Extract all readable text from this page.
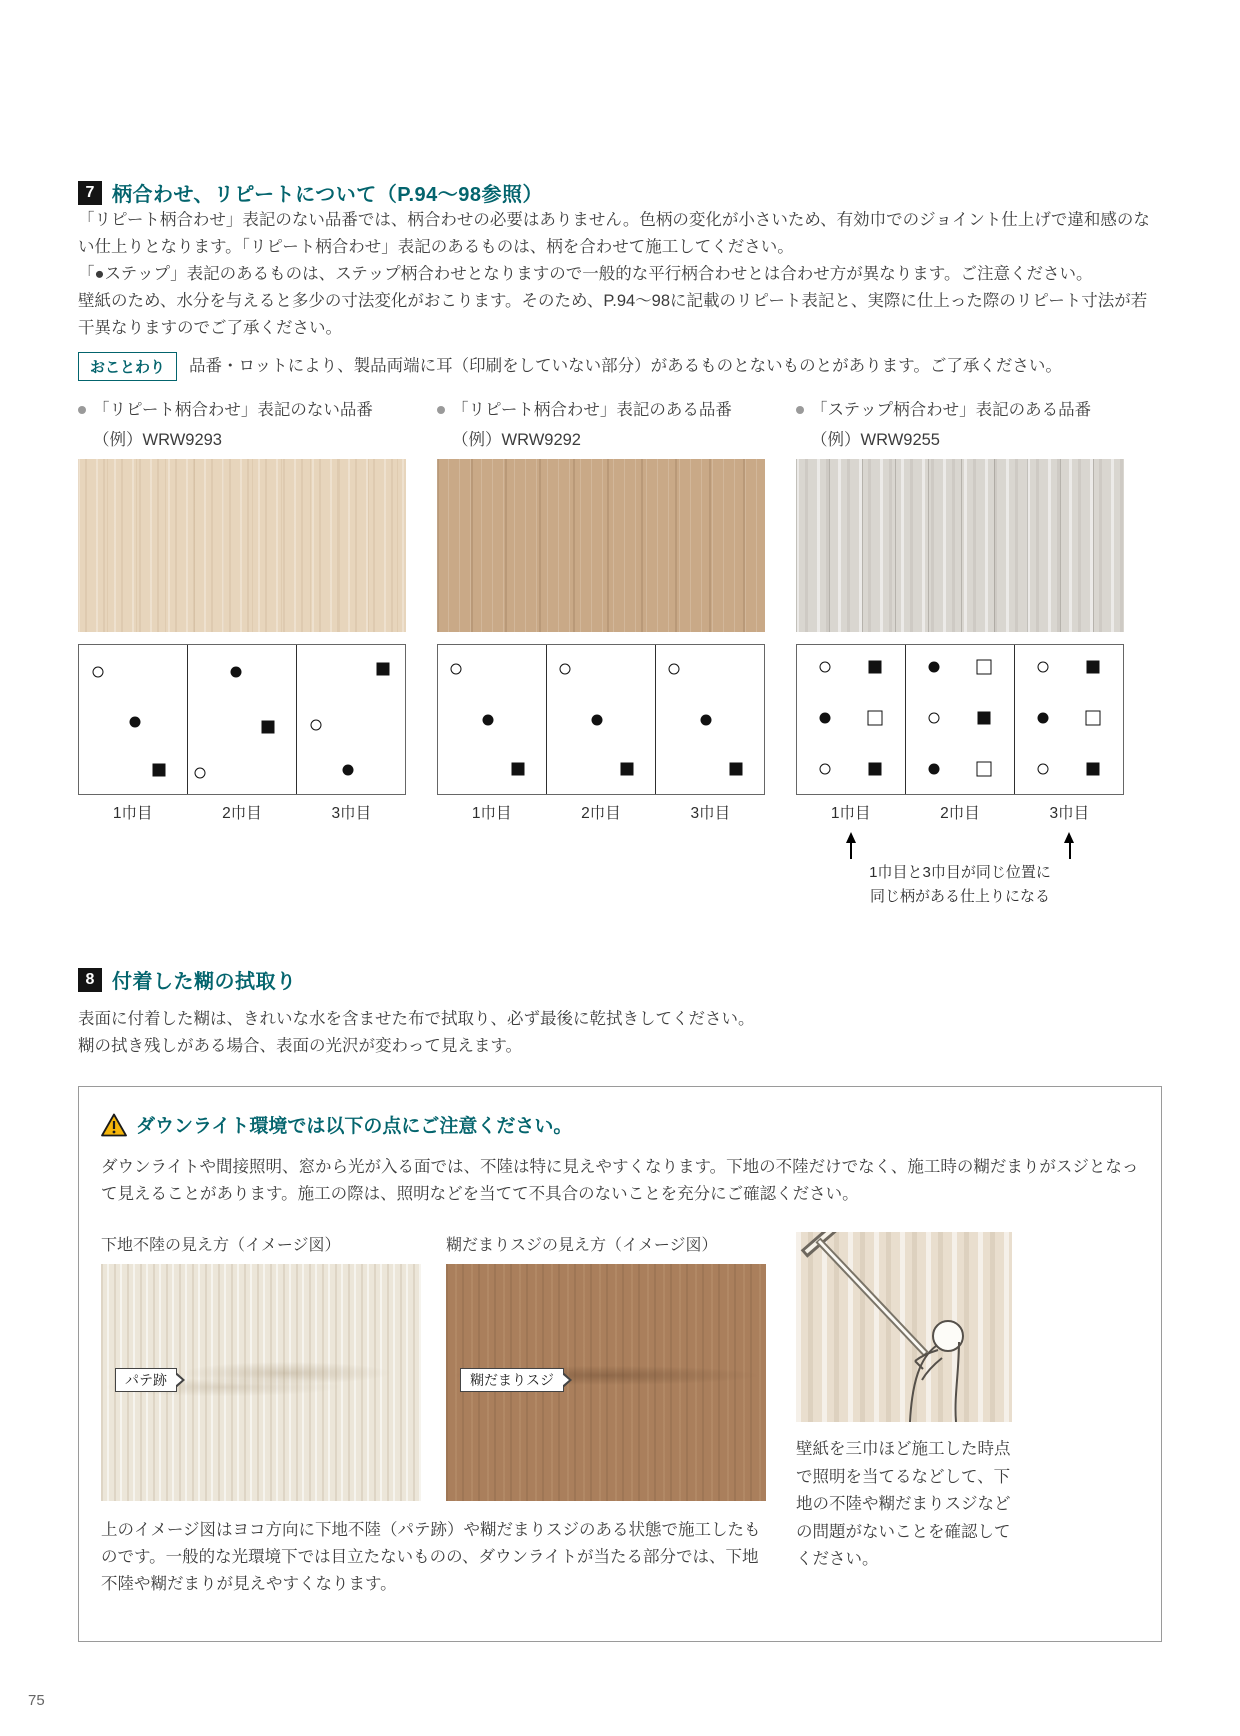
7 柄合わせ、リピートについて（P.94～98参照）

「リピート柄合わせ」表記のない品番では、柄合わせの必要はありません。色柄の変化が小さいため、有効巾でのジョイント仕上げで違和感のない仕上りとなります。「リピート柄合わせ」表記のあるものは、柄を合わせて施工してください。

「●ステップ」表記のあるものは、ステップ柄合わせとなりますので一般的な平行柄合わせとは合わせ方が異なります。ご注意ください。

壁紙のため、水分を与えると多少の寸法変化がおこります。そのため、P.94～98に記載のリピート表記と、実際に仕上った際のリピート寸法が若干異なりますのでご了承ください。

おことわり	品番・ロットにより、製品両端に耳（印刷をしていない部分）があるものとないものとがあります。ご了承ください。
「リピート柄合わせ」表記のない品番
（例）WRW9293
1巾目	2巾目	3巾目
「リピート柄合わせ」表記のある品番
（例）WRW9292
1巾目	2巾目	3巾目
「ステップ柄合わせ」表記のある品番
（例）WRW9255
1巾目	2巾目	3巾目
1巾目と3巾目が同じ位置に
同じ柄がある仕上りになる
8 付着した糊の拭取り

表面に付着した糊は、きれいな水を含ませた布で拭取り、必ず最後に乾拭きしてください。

糊の拭き残しがある場合、表面の光沢が変わって見えます。

ダウンライト環境では以下の点にご注意ください。

ダウンライトや間接照明、窓から光が入る面では、不陸は特に見えやすくなります。下地の不陸だけでなく、施工時の糊だまりがスジとなって見えることがあります。施工の際は、照明などを当てて不具合のないことを充分にご確認ください。

下地不陸の見え方（イメージ図）
パテ跡
糊だまりスジの見え方（イメージ図）
糊だまりスジ

上のイメージ図はヨコ方向に下地不陸（パテ跡）や糊だまりスジのある状態で施工したものです。一般的な光環境下では目立たないものの、ダウンライトが当たる部分では、下地不陸や糊だまりが見えやすくなります。

壁紙を三巾ほど施工した時点で照明を当てるなどして、下地の不陸や糊だまりスジなどの問題がないことを確認してください。

75
